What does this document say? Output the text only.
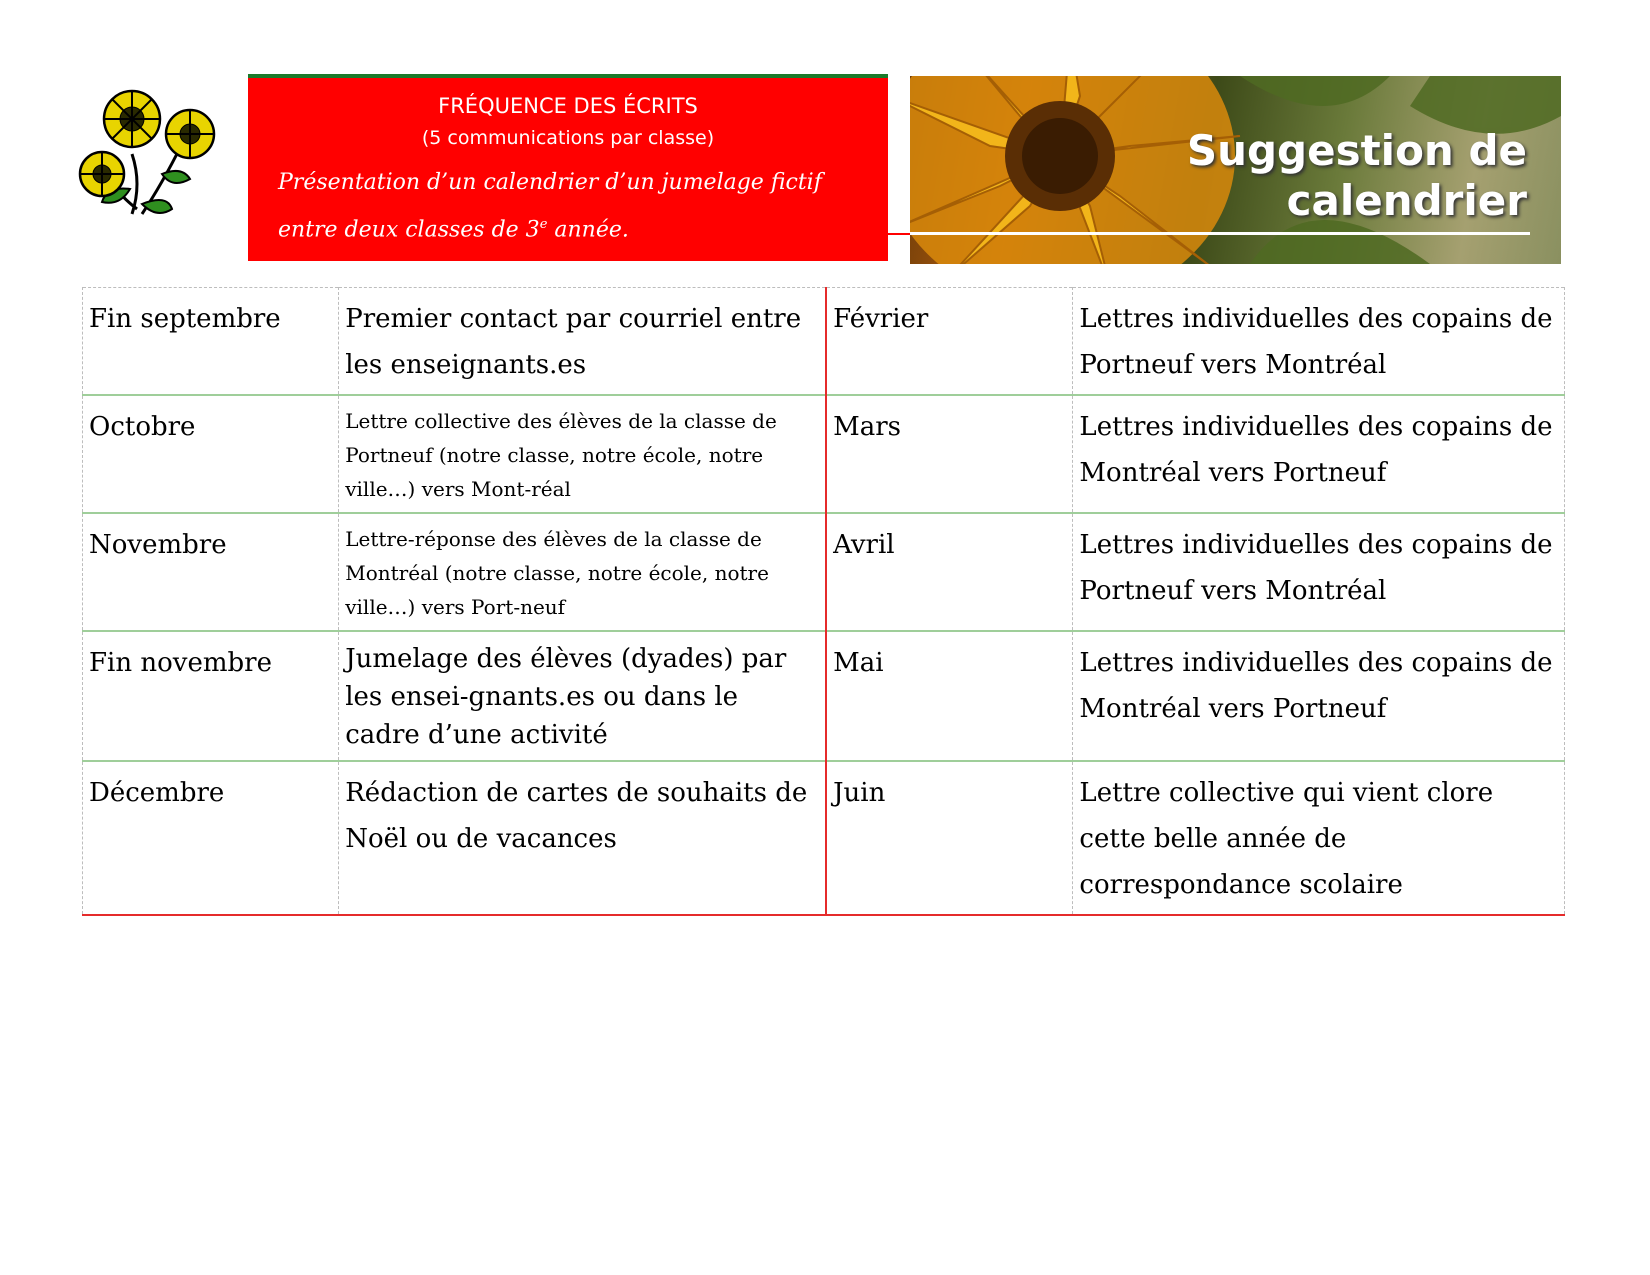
FRÉQUENCE DES ÉCRITS
(5 communications par classe)
Présentation d’un calendrier d’un jumelage fictif entre deux classes de 3e année.
Suggestion de
calendrier
Fin septembre	Premier contact par courriel entre les enseignants.es	Février	Lettres individuelles des copains de Portneuf vers Montréal
Octobre	Lettre collective des élèves de la classe de Portneuf (notre classe, notre école, notre ville…) vers Mont-réal	Mars	Lettres individuelles des copains de Montréal vers Portneuf
Novembre	Lettre-réponse des élèves de la classe de Montréal (notre classe, notre école, notre ville…) vers Port-neuf	Avril	Lettres individuelles des copains de Portneuf vers Montréal
Fin novembre	Jumelage des élèves (dyades) par les ensei-gnants.es ou dans le cadre d’une activité	Mai	Lettres individuelles des copains de Montréal vers Portneuf
Décembre	Rédaction de cartes de souhaits de Noël ou de vacances	Juin	Lettre collective qui vient clore cette belle année de correspondance scolaire
